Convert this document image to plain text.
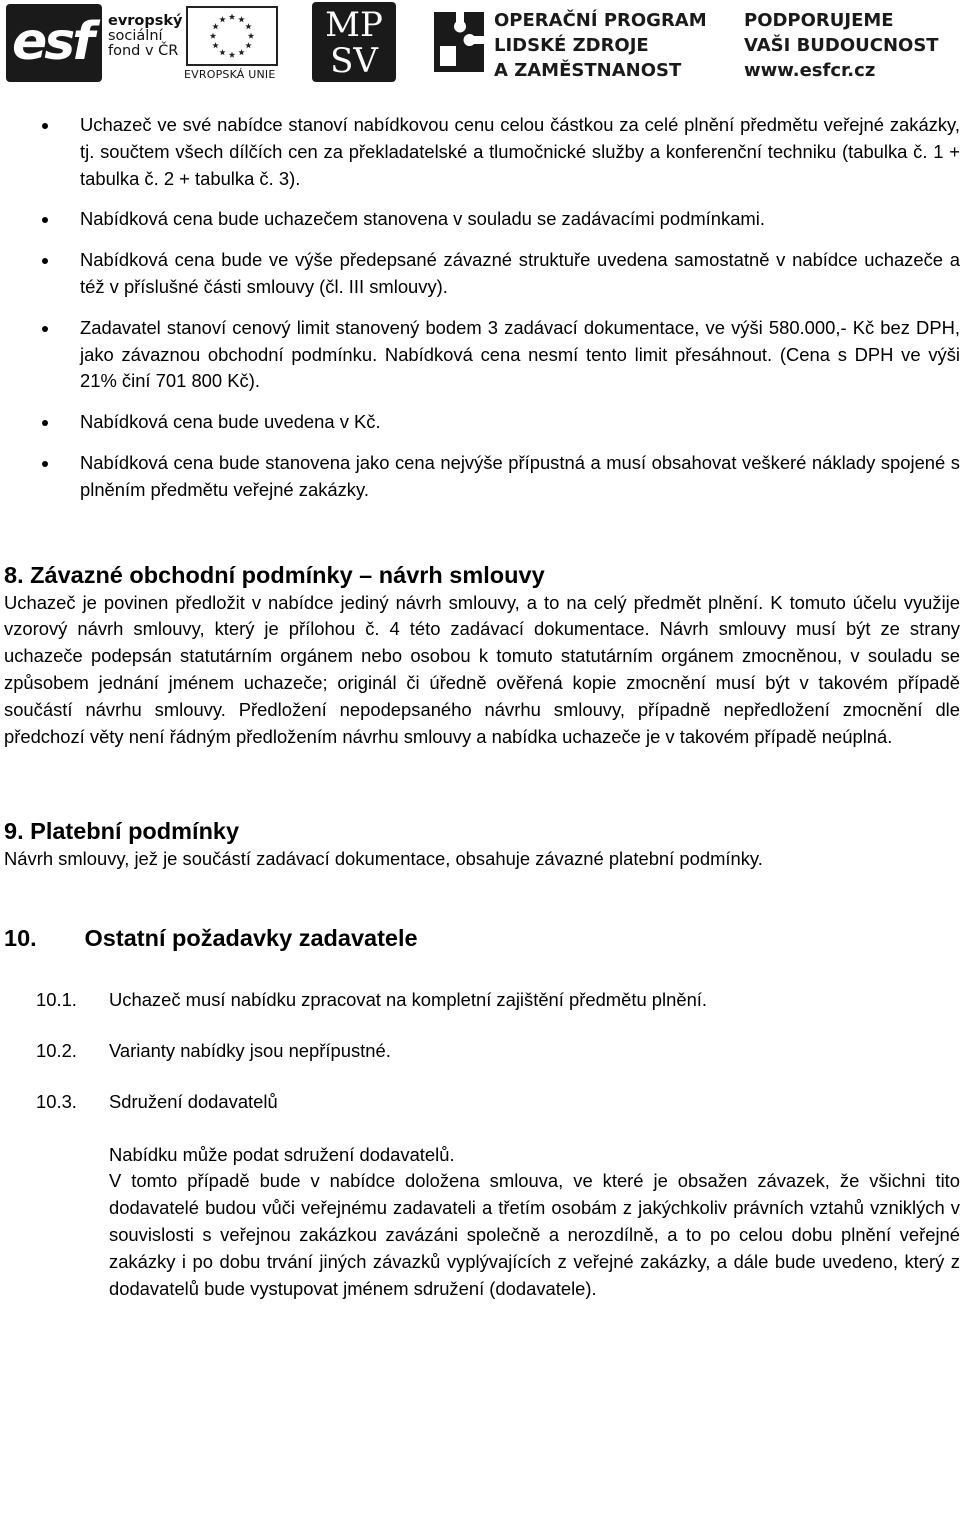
esf evropský
sociální
fond v ČR
EVROPSKÁ UNIE
MP
SV
OPERAČNÍ PROGRAM
LIDSKÉ ZDROJE
A ZAMĚSTNANOST
PODPORUJEME
VAŠI BUDOUCNOST
www.esfcr.cz
Uchazeč ve své nabídce stanoví nabídkovou cenu celou částkou za celé plnění předmětu veřejné zakázky, tj. součtem všech dílčích cen za překladatelské a tlumočnické služby a konferenční techniku (tabulka č. 1 + tabulka č. 2 + tabulka č. 3).
Nabídková cena bude uchazečem stanovena v souladu se zadávacími podmínkami.
Nabídková cena bude ve výše předepsané závazné struktuře uvedena samostatně v nabídce uchazeče a též v příslušné části smlouvy (čl. III smlouvy).
Zadavatel stanoví cenový limit stanovený bodem 3 zadávací dokumentace, ve výši 580.000,- Kč bez DPH, jako závaznou obchodní podmínku. Nabídková cena nesmí tento limit přesáhnout. (Cena s DPH ve výši 21% činí 701 800 Kč).
Nabídková cena bude uvedena v Kč.
Nabídková cena bude stanovena jako cena nejvýše přípustná a musí obsahovat veškeré náklady spojené s plněním předmětu veřejné zakázky.
8. Závazné obchodní podmínky – návrh smlouvy

Uchazeč je povinen předložit v nabídce jediný návrh smlouvy, a to na celý předmět plnění. K tomuto účelu využije vzorový návrh smlouvy, který je přílohou č. 4 této zadávací dokumentace. Návrh smlouvy musí být ze strany uchazeče podepsán statutárním orgánem nebo osobou k tomuto statutárním orgánem zmocněnou, v souladu se způsobem jednání jménem uchazeče; originál či úředně ověřená kopie zmocnění musí být v takovém případě součástí návrhu smlouvy. Předložení nepodepsaného návrhu smlouvy, případně nepředložení zmocnění dle předchozí věty není řádným předložením návrhu smlouvy a nabídka uchazeče je v takovém případě neúplná.

9. Platební podmínky

Návrh smlouvy, jež je součástí zadávací dokumentace, obsahuje závazné platební podmínky.

10. Ostatní požadavky zadavatele
10.1. Uchazeč musí nabídku zpracovat na kompletní zajištění předmětu plnění.
10.2. Varianty nabídky jsou nepřípustné.
10.3. Sdružení dodavatelů
Nabídku může podat sdružení dodavatelů.
V tomto případě bude v nabídce doložena smlouva, ve které je obsažen závazek, že všichni tito dodavatelé budou vůči veřejnému zadavateli a třetím osobám z jakýchkoliv právních vztahů vzniklých v souvislosti s veřejnou zakázkou zavázáni společně a nerozdílně, a to po celou dobu plnění veřejné zakázky i po dobu trvání jiných závazků vyplývajících z veřejné zakázky, a dále bude uvedeno, který z dodavatelů bude vystupovat jménem sdružení (dodavatele).
